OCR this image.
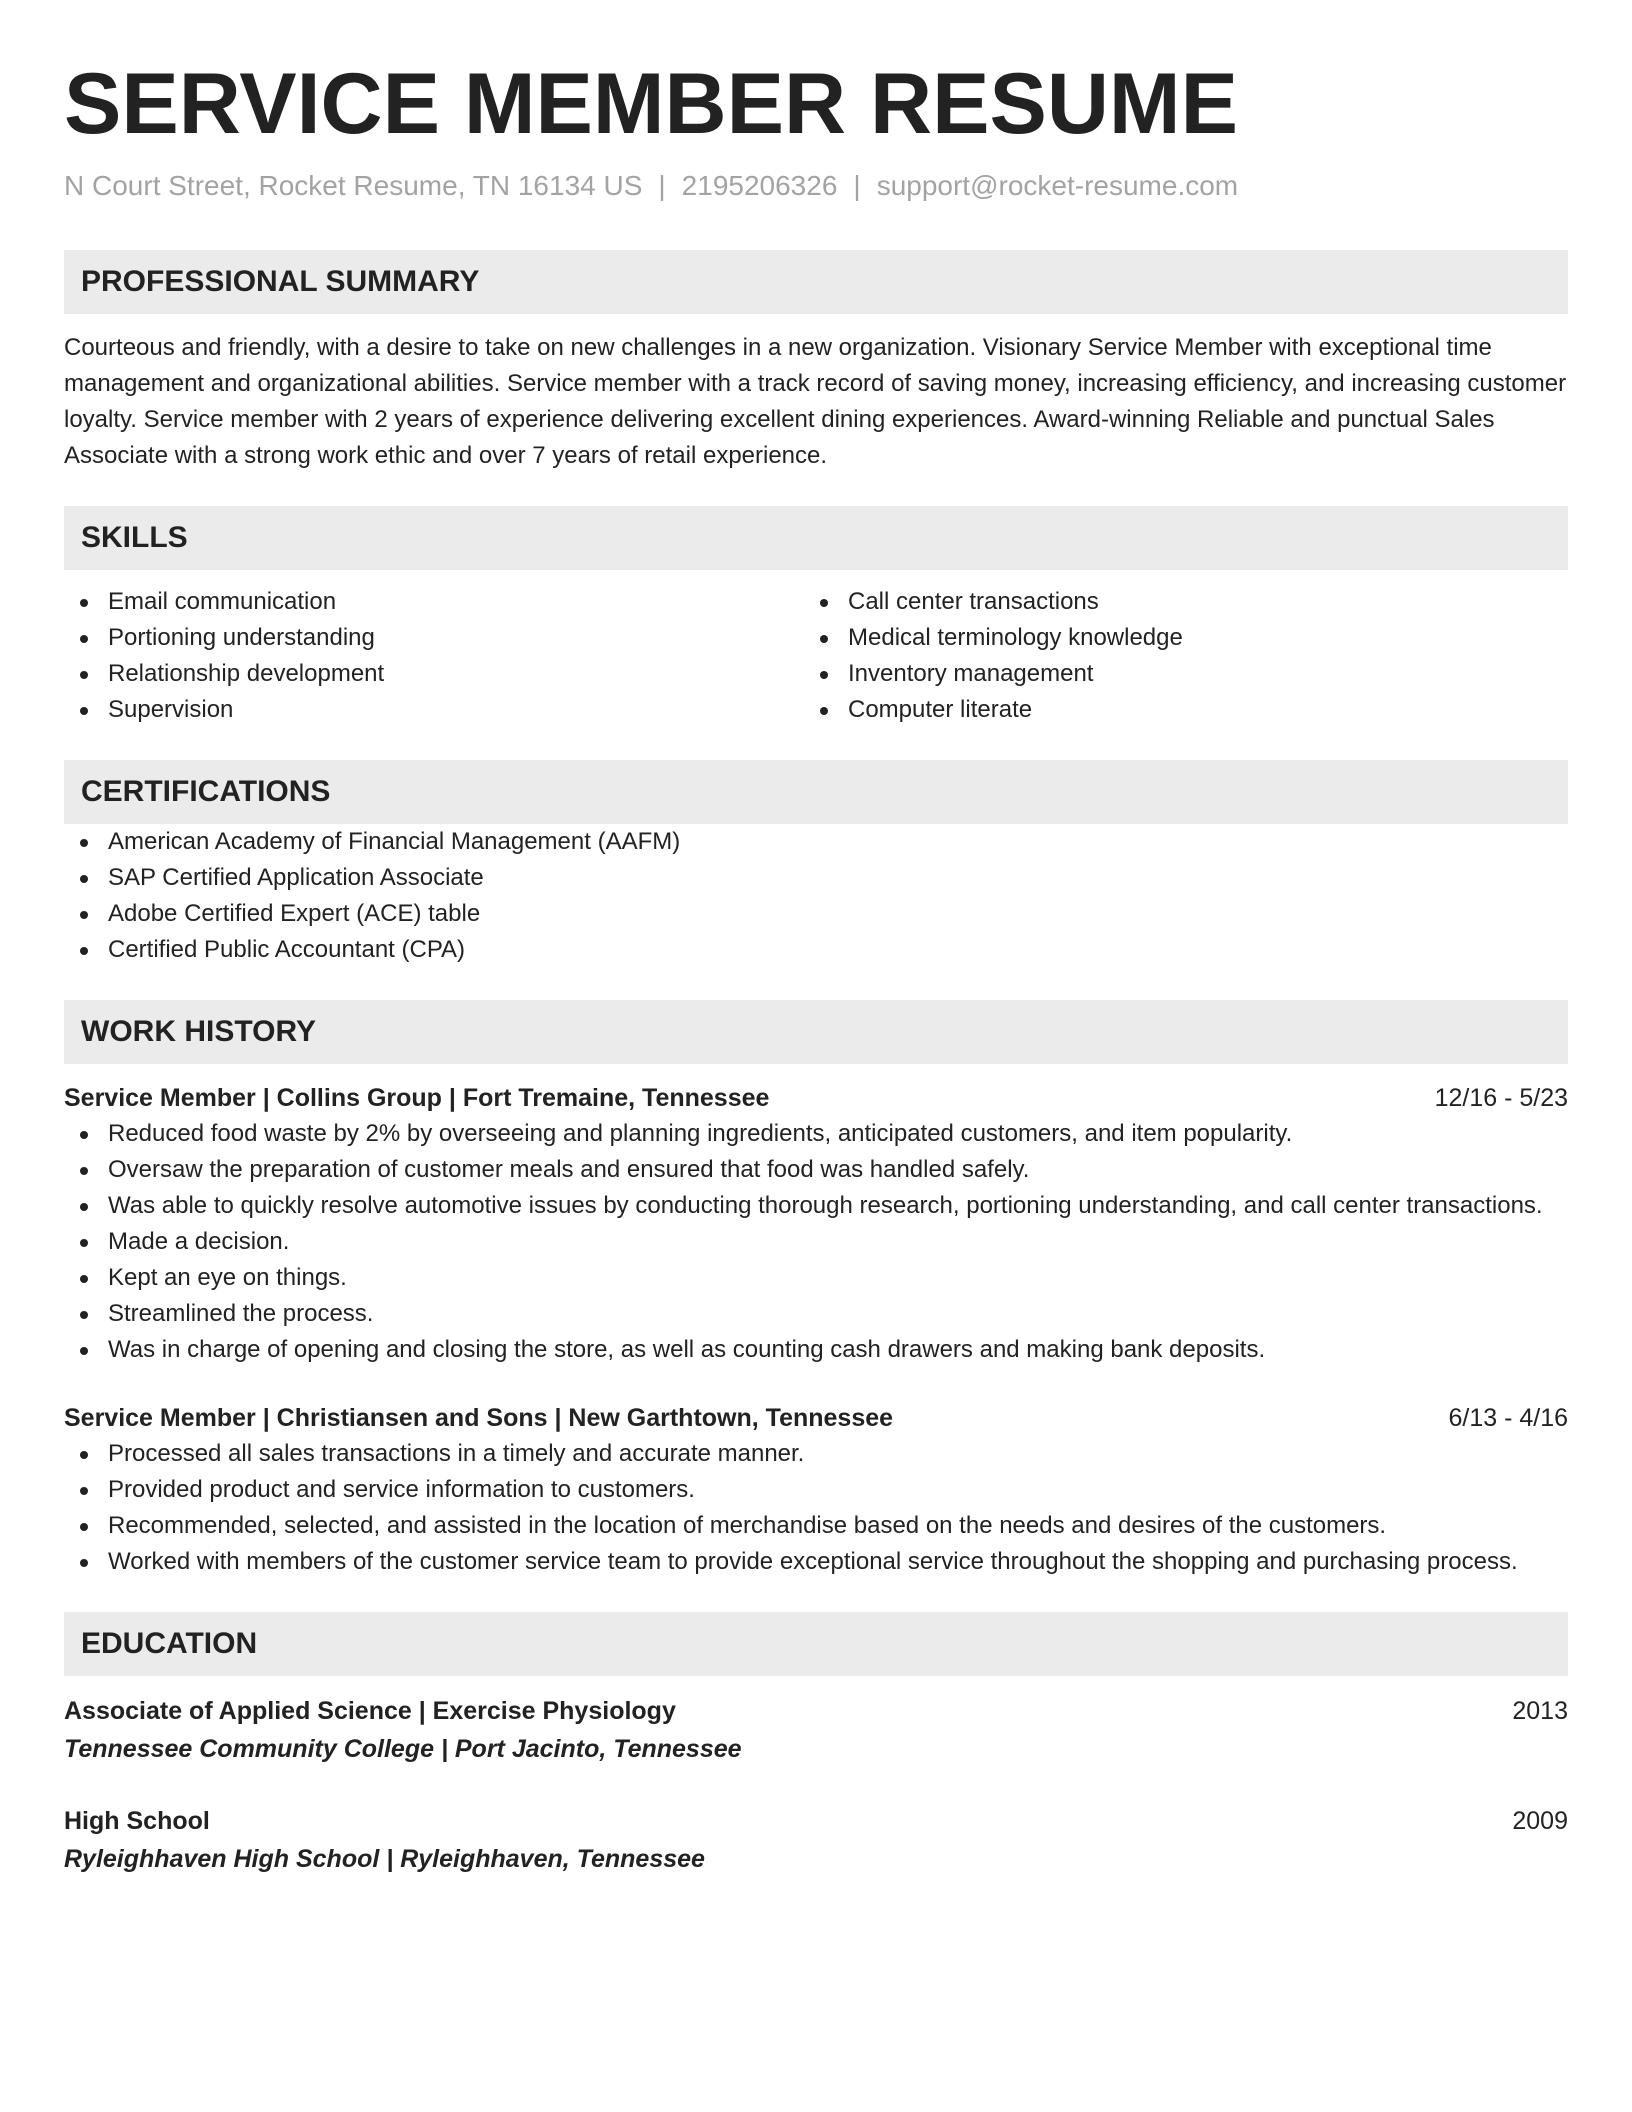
SERVICE MEMBER RESUME
N Court Street, Rocket Resume, TN 16134 US | 2195206326 | support@rocket-resume.com
PROFESSIONAL SUMMARY
Courteous and friendly, with a desire to take on new challenges in a new organization. Visionary Service Member with exceptional time management and organizational abilities. Service member with a track record of saving money, increasing efficiency, and increasing customer loyalty. Service member with 2 years of experience delivering excellent dining experiences. Award-winning Reliable and punctual Sales Associate with a strong work ethic and over 7 years of retail experience.
SKILLS
Email communication
Portioning understanding
Relationship development
Supervision
Call center transactions
Medical terminology knowledge
Inventory management
Computer literate
CERTIFICATIONS
American Academy of Financial Management (AAFM)
SAP Certified Application Associate
Adobe Certified Expert (ACE) table
Certified Public Accountant (CPA)
WORK HISTORY
Service Member | Collins Group | Fort Tremaine, Tennessee	12/16 - 5/23
Reduced food waste by 2% by overseeing and planning ingredients, anticipated customers, and item popularity.
Oversaw the preparation of customer meals and ensured that food was handled safely.
Was able to quickly resolve automotive issues by conducting thorough research, portioning understanding, and call center transactions.
Made a decision.
Kept an eye on things.
Streamlined the process.
Was in charge of opening and closing the store, as well as counting cash drawers and making bank deposits.
Service Member | Christiansen and Sons | New Garthtown, Tennessee	6/13 - 4/16
Processed all sales transactions in a timely and accurate manner.
Provided product and service information to customers.
Recommended, selected, and assisted in the location of merchandise based on the needs and desires of the customers.
Worked with members of the customer service team to provide exceptional service throughout the shopping and purchasing process.
EDUCATION
Associate of Applied Science | Exercise Physiology	2013
Tennessee Community College | Port Jacinto, Tennessee
High School	2009
Ryleighhaven High School | Ryleighhaven, Tennessee
